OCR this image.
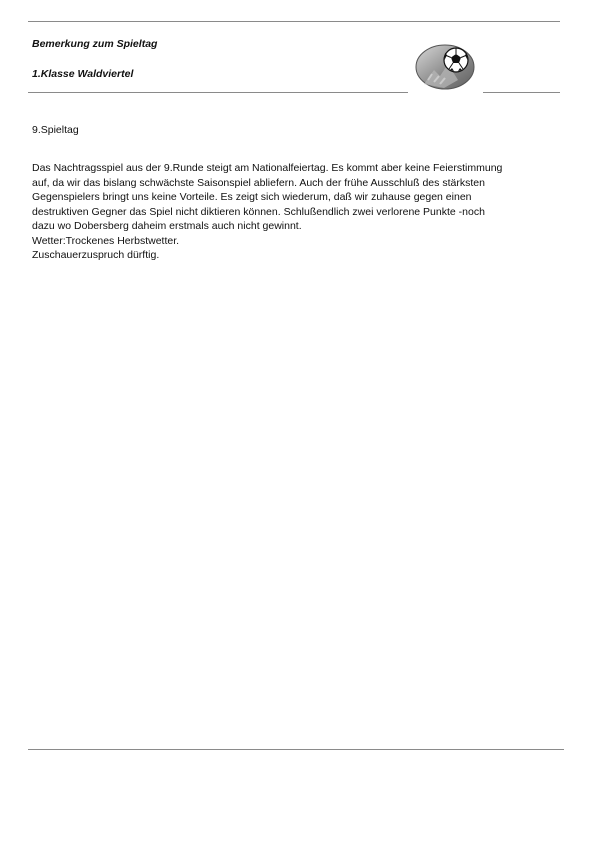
Bemerkung zum Spieltag
1.Klasse Waldviertel
9.Spieltag
Das Nachtragsspiel aus der 9.Runde steigt am Nationalfeiertag. Es kommt aber keine Feierstimmung
auf, da wir das bislang schwächste Saisonspiel abliefern. Auch der frühe Ausschluß des stärksten
Gegenspielers bringt uns keine Vorteile. Es zeigt sich wiederum, daß wir zuhause gegen einen
destruktiven Gegner das Spiel nicht diktieren können. Schlußendlich zwei verlorene Punkte -noch
dazu wo Dobersberg daheim erstmals auch nicht gewinnt.
Wetter:Trockenes Herbstwetter.
Zuschauerzuspruch dürftig.
